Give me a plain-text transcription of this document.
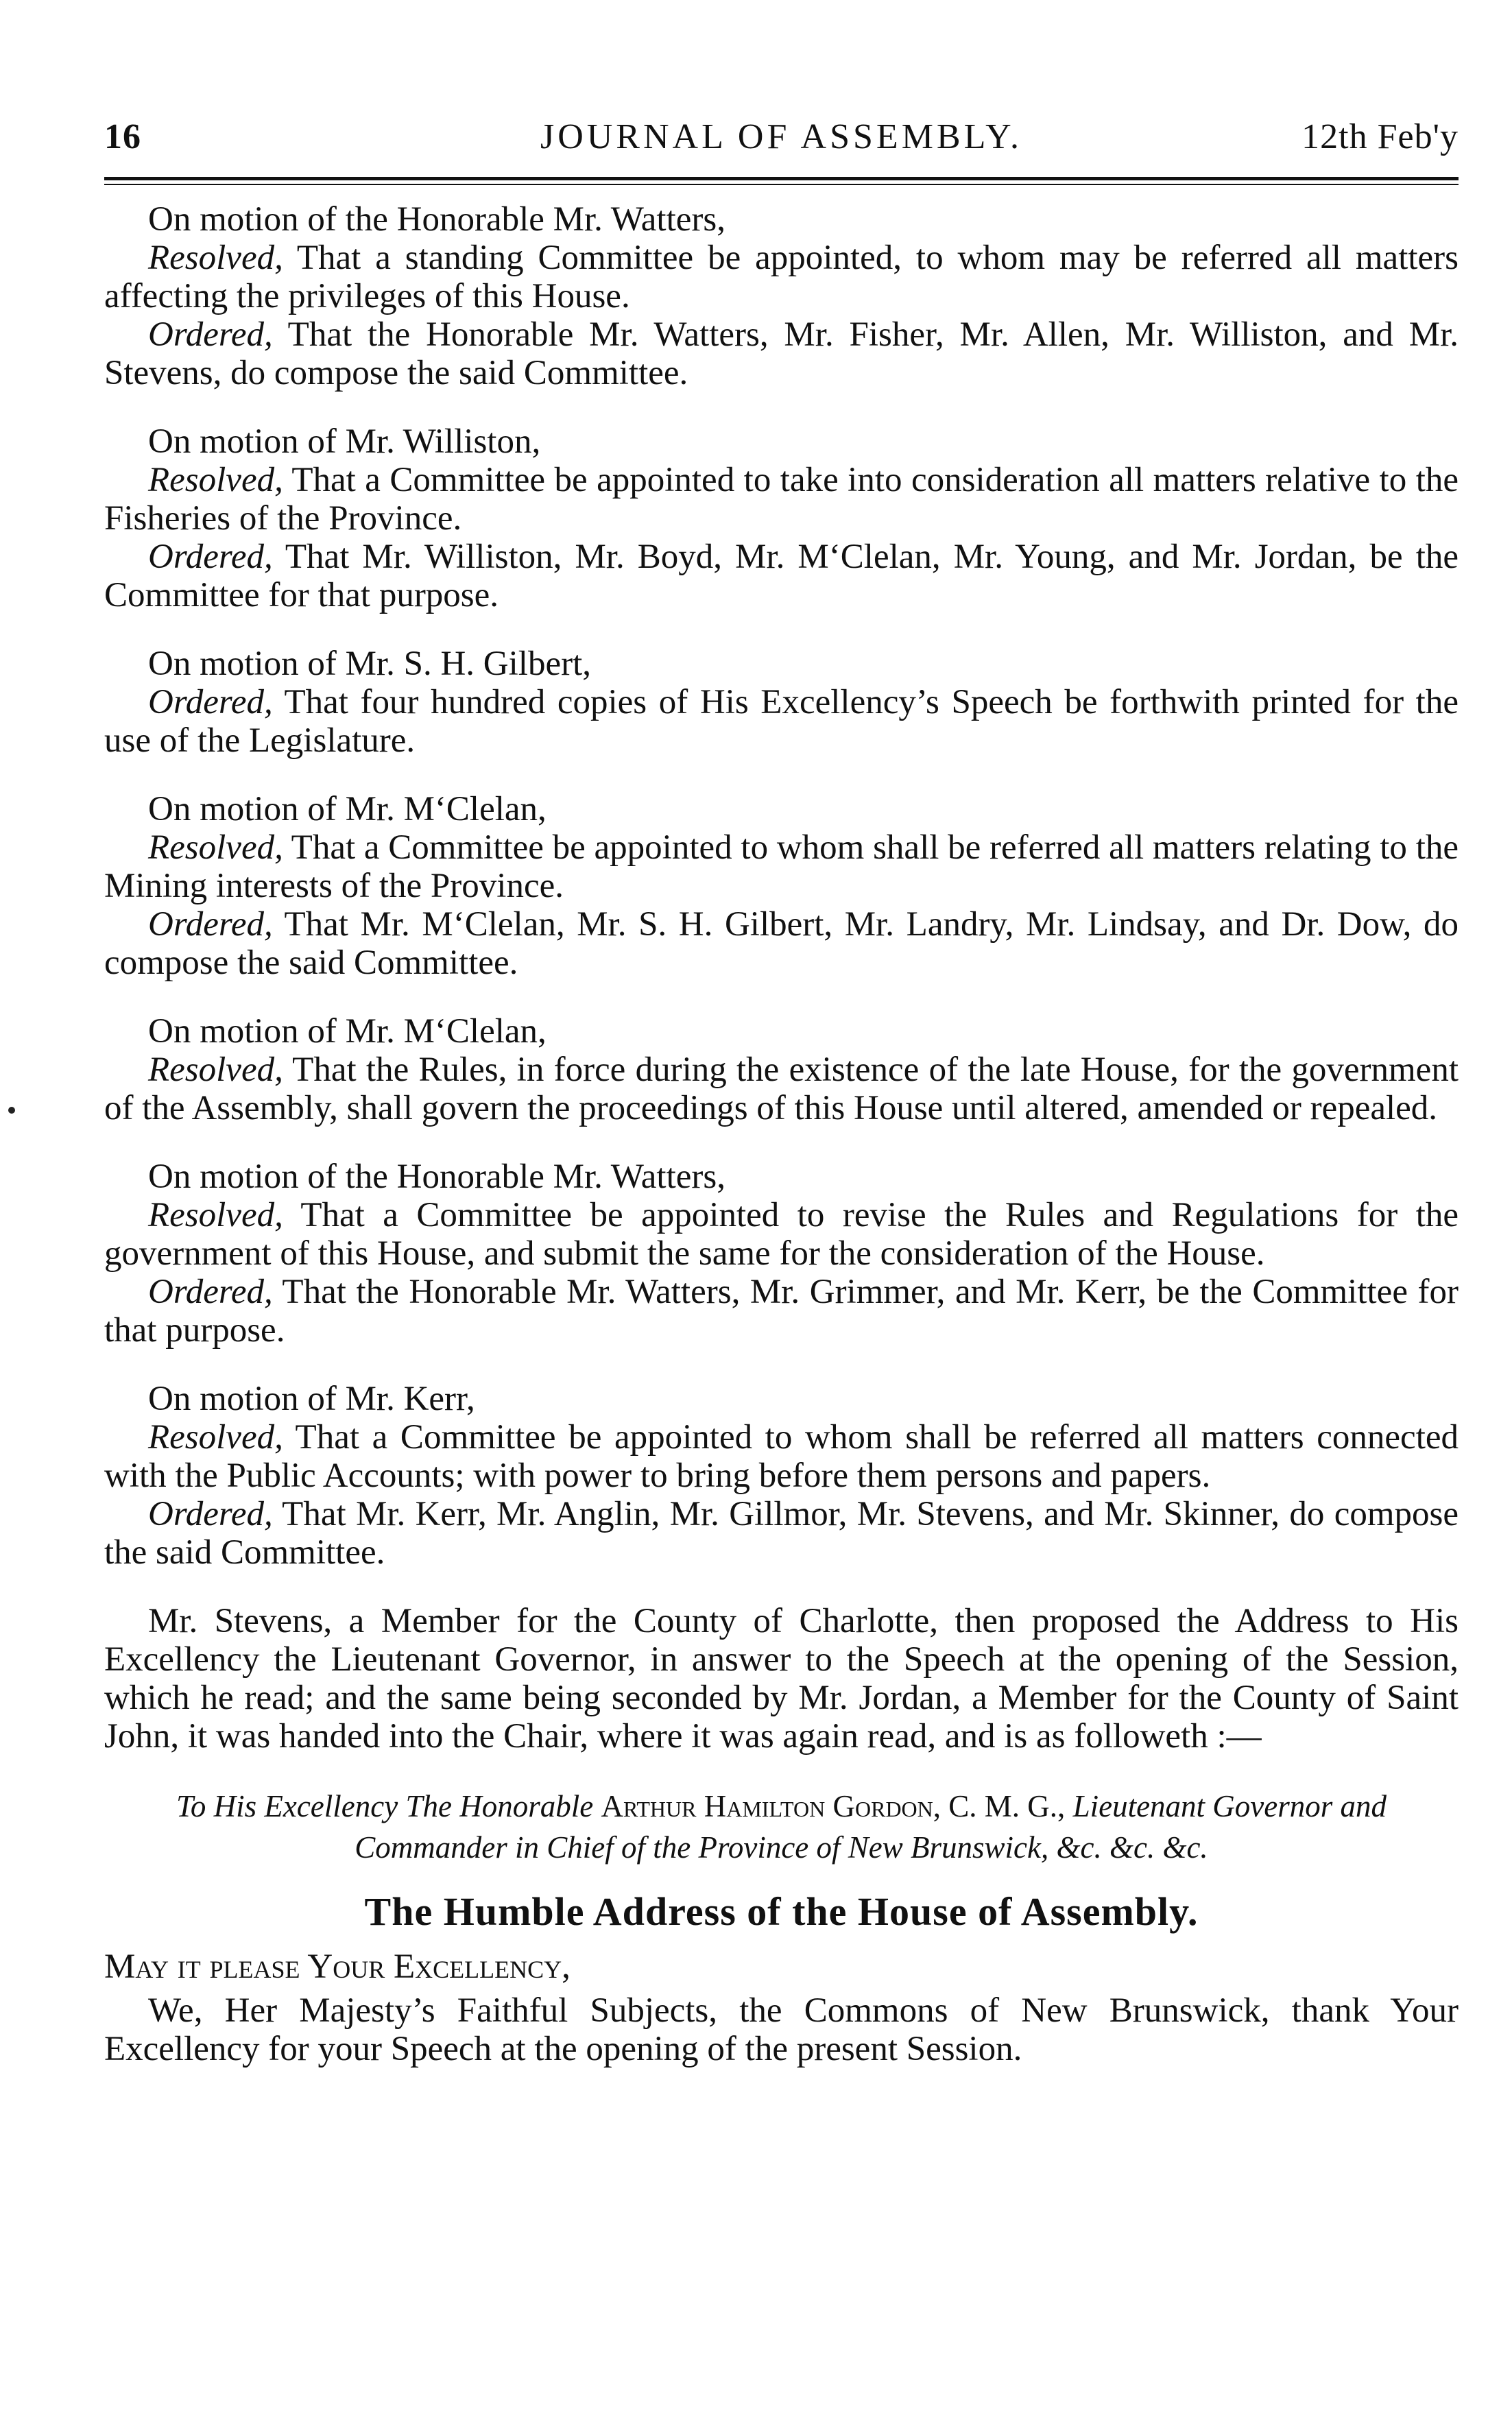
16	JOURNAL OF ASSEMBLY.	12th Feb'y

On motion of the Honorable Mr. Watters,

Resolved, That a standing Committee be appointed, to whom may be referred all matters affecting the privileges of this House.

Ordered, That the Honorable Mr. Watters, Mr. Fisher, Mr. Allen, Mr. Williston, and Mr. Stevens, do compose the said Committee.

On motion of Mr. Williston,

Resolved, That a Committee be appointed to take into consideration all matters relative to the Fisheries of the Province.

Ordered, That Mr. Williston, Mr. Boyd, Mr. M‘Clelan, Mr. Young, and Mr. Jordan, be the Committee for that purpose.

On motion of Mr. S. H. Gilbert,

Ordered, That four hundred copies of His Excellency’s Speech be forthwith printed for the use of the Legislature.

On motion of Mr. M‘Clelan,

Resolved, That a Committee be appointed to whom shall be referred all matters relating to the Mining interests of the Province.

Ordered, That Mr. M‘Clelan, Mr. S. H. Gilbert, Mr. Landry, Mr. Lindsay, and Dr. Dow, do compose the said Committee.

On motion of Mr. M‘Clelan,

Resolved, That the Rules, in force during the existence of the late House, for the government of the Assembly, shall govern the proceedings of this House until altered, amended or repealed.

On motion of the Honorable Mr. Watters,

Resolved, That a Committee be appointed to revise the Rules and Regulations for the government of this House, and submit the same for the consideration of the House.

Ordered, That the Honorable Mr. Watters, Mr. Grimmer, and Mr. Kerr, be the Committee for that purpose.

On motion of Mr. Kerr,

Resolved, That a Committee be appointed to whom shall be referred all matters connected with the Public Accounts; with power to bring before them persons and papers.

Ordered, That Mr. Kerr, Mr. Anglin, Mr. Gillmor, Mr. Stevens, and Mr. Skinner, do compose the said Committee.

Mr. Stevens, a Member for the County of Charlotte, then proposed the Address to His Excellency the Lieutenant Governor, in answer to the Speech at the opening of the Session, which he read; and the same being seconded by Mr. Jordan, a Member for the County of Saint John, it was handed into the Chair, where it was again read, and is as followeth :—

To His Excellency The Honorable Arthur Hamilton Gordon, C. M. G., Lieutenant Governor and Commander in Chief of the Province of New Brunswick, &c. &c. &c.

The Humble Address of the House of Assembly.

May it please Your Excellency,

We, Her Majesty’s Faithful Subjects, the Commons of New Brunswick, thank Your Excellency for your Speech at the opening of the present Session.
